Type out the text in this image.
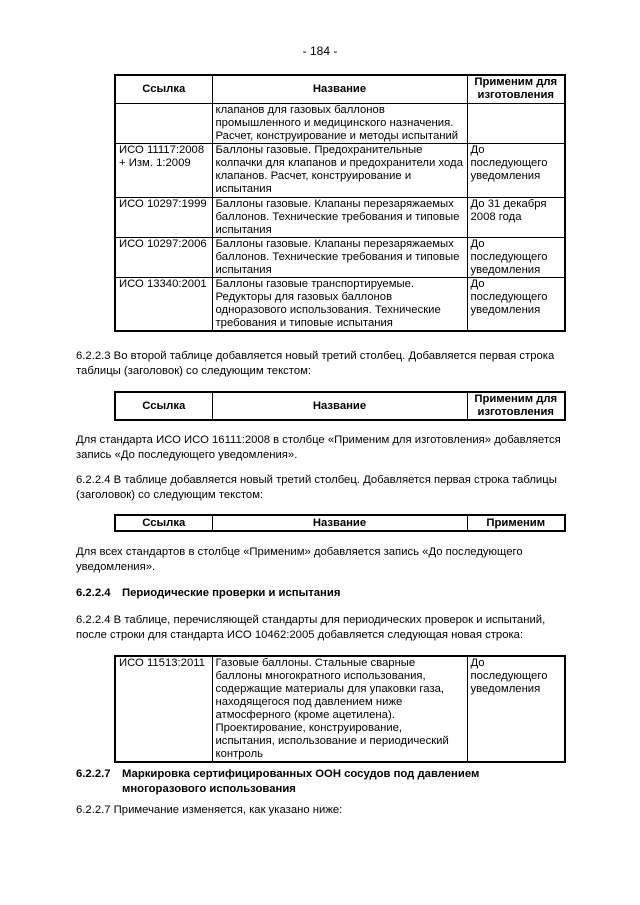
- 184 -
Ссылка	Название	Применим для изготовления
	клапанов для газовых баллонов промышленного и медицинского назначения. Расчет, конструирование и методы испытаний	
ИСО 11117:2008 + Изм. 1:2009	Баллоны газовые. Предохранительные колпачки для клапанов и предохранители хода клапанов. Расчет, конструирование и испытания	До последующего уведомления
ИСО 10297:1999	Баллоны газовые. Клапаны перезаряжаемых баллонов. Технические требования и типовые испытания	До 31 декабря 2008 года
ИСО 10297:2006	Баллоны газовые. Клапаны перезаряжаемых баллонов. Технические требования и типовые испытания	До последующего уведомления
ИСО 13340:2001	Баллоны газовые транспортируемые. Редукторы для газовых баллонов одноразового использования. Технические требования и типовые испытания	До последующего уведомления

6.2.2.3 Во второй таблице добавляется новый третий столбец. Добавляется первая строка таблицы (заголовок) со следующим текстом:

Ссылка	Название	Применим для изготовления

Для стандарта ИСО ИСО 16111:2008 в столбце «Применим для изготовления» добавляется запись «До последующего уведомления».

6.2.2.4 В таблице добавляется новый третий столбец. Добавляется первая строка таблицы (заголовок) со следующим текстом:

Ссылка	Название	Применим

Для всех стандартов в столбце «Применим» добавляется запись «До последующего уведомления».

6.2.2.4 Периодические проверки и испытания

6.2.2.4 В таблице, перечисляющей стандарты для периодических проверок и испытаний, после строки для стандарта ИСО 10462:2005 добавляется следующая новая строка:

ИСО 11513:2011	Газовые баллоны. Стальные сварные баллоны многократного использования, содержащие материалы для упаковки газа, находящегося под давлением ниже атмосферного (кроме ацетилена). Проектирование, конструирование, испытания, использование и периодический контроль	До последующего уведомления
6.2.2.7	Маркировка сертифицированных ООН сосудов под давлением многоразового использования

6.2.2.7 Примечание изменяется, как указано ниже:
